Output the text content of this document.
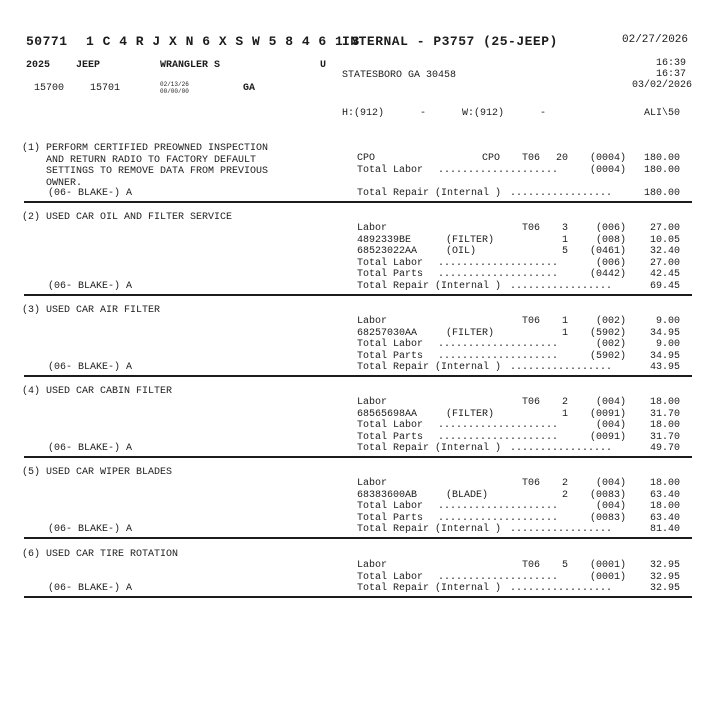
50771 1 C 4 R J X N 6 X S W 5 8 4 6 1 3
INTERNAL - P3757 (25-JEEP)	02/27/2026
2025	JEEP	WRANGLER S	U	16:39
16:37
STATESBORO GA 30458
03/02/2026
15700	15701	02/13/26
00/00/00	GA
H:(912)	-	W:(912)	-	ALI\50
(1) PERFORM CERTIFIED PREOWNED INSPECTION
AND RETURN RADIO TO FACTORY DEFAULT
SETTINGS TO REMOVE DATA FROM PREVIOUS
OWNER.
CPO	CPO T06	20	(0004)	180.00
Total Labor ....................	(0004)	180.00
Total Repair (Internal ) .................	180.00
(06- BLAKE-) A
(2) USED CAR OIL AND FILTER SERVICE
Labor	T06	3	(006)	27.00
4892339BE	(FILTER)	1	(008)	10.05
68523022AA	(OIL)	5	(0461)	32.40
Total Labor ....................	(006)	27.00
Total Parts ....................	(0442)	42.45
Total Repair (Internal ) .................	69.45
(06- BLAKE-) A
(3) USED CAR AIR FILTER
Labor	T06	1	(002)	9.00
68257030AA	(FILTER)	1	(5902)	34.95
Total Labor ....................	(002)	9.00
Total Parts ....................	(5902)	34.95
Total Repair (Internal ) .................	43.95
(06- BLAKE-) A
(4) USED CAR CABIN FILTER
Labor	T06	2	(004)	18.00
68565698AA	(FILTER)	1	(0091)	31.70
Total Labor ....................	(004)	18.00
Total Parts ....................	(0091)	31.70
Total Repair (Internal ) .................	49.70
(06- BLAKE-) A
(5) USED CAR WIPER BLADES
Labor	T06	2	(004)	18.00
68383600AB	(BLADE)	2	(0083)	63.40
Total Labor ....................	(004)	18.00
Total Parts ....................	(0083)	63.40
Total Repair (Internal ) .................	81.40
(06- BLAKE-) A
(6) USED CAR TIRE ROTATION
Labor	T06	5	(0001)	32.95
Total Labor ....................	(0001)	32.95
Total Repair (Internal ) .................	32.95
(06- BLAKE-) A
